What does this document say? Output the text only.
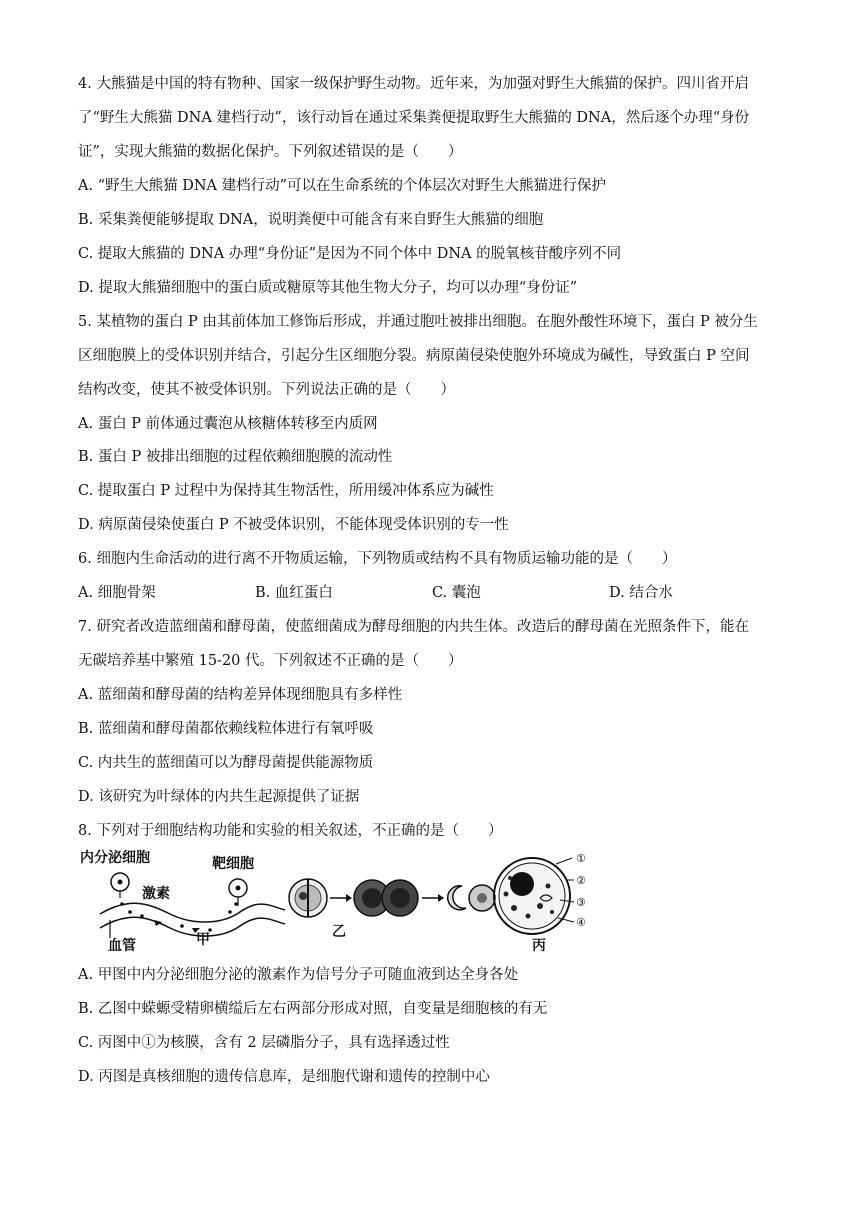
4. 大熊猫是中国的特有物种、国家一级保护野生动物。近年来，为加强对野生大熊猫的保护。四川省开启
了“野生大熊猫 DNA 建档行动”，该行动旨在通过采集粪便提取野生大熊猫的 DNA，然后逐个办理“身份
证”，实现大熊猫的数据化保护。下列叙述错误的是（　　）
A. “野生大熊猫 DNA 建档行动”可以在生命系统的个体层次对野生大熊猫进行保护
B. 采集粪便能够提取 DNA，说明粪便中可能含有来自野生大熊猫的细胞
C. 提取大熊猫的 DNA 办理“身份证”是因为不同个体中 DNA 的脱氧核苷酸序列不同
D. 提取大熊猫细胞中的蛋白质或糖原等其他生物大分子，均可以办理“身份证”
5. 某植物的蛋白 P 由其前体加工修饰后形成，并通过胞吐被排出细胞。在胞外酸性环境下，蛋白 P 被分生
区细胞膜上的受体识别并结合，引起分生区细胞分裂。病原菌侵染使胞外环境成为碱性，导致蛋白 P 空间
结构改变，使其不被受体识别。下列说法正确的是（　　）
A. 蛋白 P 前体通过囊泡从核糖体转移至内质网
B. 蛋白 P 被排出细胞的过程依赖细胞膜的流动性
C. 提取蛋白 P 过程中为保持其生物活性，所用缓冲体系应为碱性
D. 病原菌侵染使蛋白 P 不被受体识别，不能体现受体识别的专一性
6. 细胞内生命活动的进行离不开物质运输，下列物质或结构不具有物质运输功能的是（　　）
A. 细胞骨架	B. 血红蛋白	C. 囊泡	D. 结合水
7. 研究者改造蓝细菌和酵母菌，使蓝细菌成为酵母细胞的内共生体。改造后的酵母菌在光照条件下，能在
无碳培养基中繁殖 15-20 代。下列叙述不正确的是（　　）
A. 蓝细菌和酵母菌的结构差异体现细胞具有多样性
B. 蓝细菌和酵母菌都依赖线粒体进行有氧呼吸
C. 内共生的蓝细菌可以为酵母菌提供能源物质
D. 该研究为叶绿体的内共生起源提供了证据
8. 下列对于细胞结构功能和实验的相关叙述，不正确的是（　　）
内分泌细胞
激素
靶细胞
血管	甲	乙
①
②
③
④
丙
A. 甲图中内分泌细胞分泌的激素作为信号分子可随血液到达全身各处
B. 乙图中蝾螈受精卵横缢后左右两部分形成对照，自变量是细胞核的有无
C. 丙图中①为核膜，含有 2 层磷脂分子，具有选择透过性
D. 丙图是真核细胞的遗传信息库，是细胞代谢和遗传的控制中心
